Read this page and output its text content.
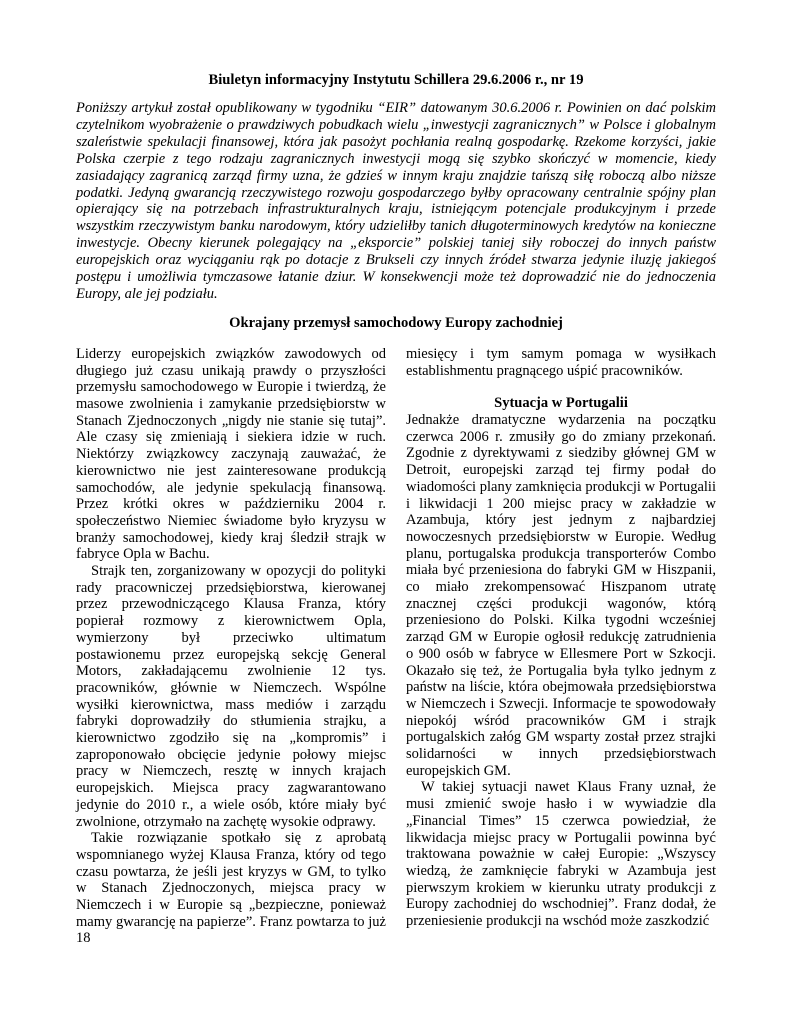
Biuletyn informacyjny Instytutu Schillera 29.6.2006 r., nr 19

Poniższy artykuł został opublikowany w tygodniku “EIR” datowanym 30.6.2006 r. Powinien on dać polskim czytelnikom wyobrażenie o prawdziwych pobudkach wielu „inwestycji zagranicznych” w Polsce i globalnym szaleństwie spekulacji finansowej, która jak pasożyt pochłania realną gospodarkę. Rzekome korzyści, jakie Polska czerpie z tego rodzaju zagranicznych inwestycji mogą się szybko skończyć w momencie, kiedy zasiadający zagranicą zarząd firmy uzna, że gdzieś w innym kraju znajdzie tańszą siłę roboczą albo niższe podatki. Jedyną gwarancją rzeczywistego rozwoju gospodarczego byłby opracowany centralnie spójny plan opierający się na potrzebach infrastrukturalnych kraju, istniejącym potencjale produkcyjnym i przede wszystkim rzeczywistym banku narodowym, który udzieliłby tanich długoterminowych kredytów na konieczne inwestycje. Obecny kierunek polegający na „eksporcie” polskiej taniej siły roboczej do innych państw europejskich oraz wyciąganiu rąk po dotacje z Brukseli czy innych źródeł stwarza jedynie iluzję jakiegoś postępu i umożliwia tymczasowe łatanie dziur. W konsekwencji może też doprowadzić nie do jednoczenia Europy, ale jej podziału.

Okrajany przemysł samochodowy Europy zachodniej

Liderzy europejskich związków zawodowych od długiego już czasu unikają prawdy o przyszłości przemysłu samochodowego w Europie i twierdzą, że masowe zwolnienia i zamykanie przedsiębiorstw w Stanach Zjednoczonych „nigdy nie stanie się tutaj”. Ale czasy się zmieniają i siekiera idzie w ruch. Niektórzy związkowcy zaczynają zauważać, że kierownictwo nie jest zainteresowane produkcją samochodów, ale jedynie spekulacją finansową. Przez krótki okres w październiku 2004 r. społeczeństwo Niemiec świadome było kryzysu w branży samochodowej, kiedy kraj śledził strajk w fabryce Opla w Bachu.

Strajk ten, zorganizowany w opozycji do polityki rady pracowniczej przedsiębiorstwa, kierowanej przez przewodniczącego Klausa Franza, który popierał rozmowy z kierownictwem Opla, wymierzony był przeciwko ultimatum postawionemu przez europejską sekcję General Motors, zakładającemu zwolnienie 12 tys. pracowników, głównie w Niemczech. Wspólne wysiłki kierownictwa, mass mediów i zarządu fabryki doprowadziły do stłumienia strajku, a kierownictwo zgodziło się na „kompromis” i zaproponowało obcięcie jedynie połowy miejsc pracy w Niemczech, resztę w innych krajach europejskich. Miejsca pracy zagwarantowano jedynie do 2010 r., a wiele osób, które miały być zwolnione, otrzymało na zachętę wysokie odprawy.

Takie rozwiązanie spotkało się z aprobatą wspomnianego wyżej Klausa Franza, który od tego czasu powtarza, że jeśli jest kryzys w GM, to tylko w Stanach Zjednoczonych, miejsca pracy w Niemczech i w Europie są „bezpieczne, ponieważ mamy gwarancję na papierze”. Franz powtarza to już 18

miesięcy i tym samym pomaga w wysiłkach establishmentu pragnącego uśpić pracowników.

Sytuacja w Portugalii

Jednakże dramatyczne wydarzenia na początku czerwca 2006 r. zmusiły go do zmiany przekonań. Zgodnie z dyrektywami z siedziby głównej GM w Detroit, europejski zarząd tej firmy podał do wiadomości plany zamknięcia produkcji w Portugalii i likwidacji 1 200 miejsc pracy w zakładzie w Azambuja, który jest jednym z najbardziej nowoczesnych przedsiębiorstw w Europie. Według planu, portugalska produkcja transporterów Combo miała być przeniesiona do fabryki GM w Hiszpanii, co miało zrekompensować Hiszpanom utratę znacznej części produkcji wagonów, którą przeniesiono do Polski. Kilka tygodni wcześniej zarząd GM w Europie ogłosił redukcję zatrudnienia o 900 osób w fabryce w Ellesmere Port w Szkocji. Okazało się też, że Portugalia była tylko jednym z państw na liście, która obejmowała przedsiębiorstwa w Niemczech i Szwecji. Informacje te spowodowały niepokój wśród pracowników GM i strajk portugalskich załóg GM wsparty został przez strajki solidarności w innych przedsiębiorstwach europejskich GM.

W takiej sytuacji nawet Klaus Frany uznał, że musi zmienić swoje hasło i w wywiadzie dla „Financial Times” 15 czerwca powiedział, że likwidacja miejsc pracy w Portugalii powinna być traktowana poważnie w całej Europie: „Wszyscy wiedzą, że zamknięcie fabryki w Azambuja jest pierwszym krokiem w kierunku utraty produkcji z Europy zachodniej do wschodniej”. Franz dodał, że przeniesienie produkcji na wschód może zaszkodzić
